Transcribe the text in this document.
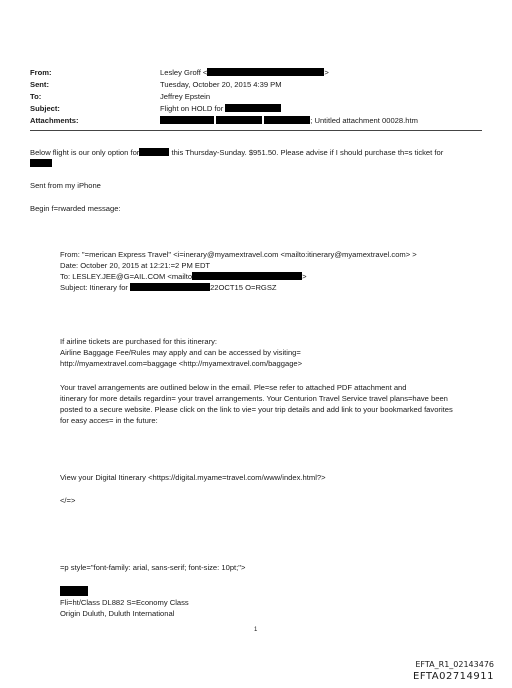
From:	Lesley Groff <	>
Sent:	Tuesday, October 20, 2015 4:39 PM
To:	Jeffrey Epstein
Subject:	Flight on HOLD for
Attachments:	; Untitled attachment 00028.htm
Below flight is our only option for	this Thursday-Sunday. $951.50. Please advise if I should purchase th=s ticket for
Sent from my iPhone
Begin f=rwarded message:
From: "=merican Express Travel" <i=inerary@myamextravel.com <mailto:itinerary@myamextravel.com> >
Date: October 20, 2015 at 12:21:=2 PM EDT
To: LESLEY.JEE@G=AIL.COM <mailto	>
Subject: Itinerary for	22OCT15 O=RGSZ
If airline tickets are purchased for this itinerary:
Airline Baggage Fee/Rules may apply and can be accessed by visiting=
http://myamextravel.com=baggage <http://myamextravel.com/baggage>
Your travel arrangements are outlined below in the email. Ple=se refer to attached PDF attachment and
itinerary for more details regardin= your travel arrangements. Your Centurion Travel Service travel plans=have been
posted to a secure website. Please click on the link to vie= your trip details and add link to your bookmarked favorites
for easy acces= in the future:
View your Digital Itinerary <https://digital.myame=travel.com/www/index.html?>
</=>
=p style="font-family: arial, sans-serif; font-size: 10pt;">
Fli=ht/Class DL882 S=Economy Class
Origin Duluth, Duluth International
1
EFTA_R1_02143476
EFTA02714911
